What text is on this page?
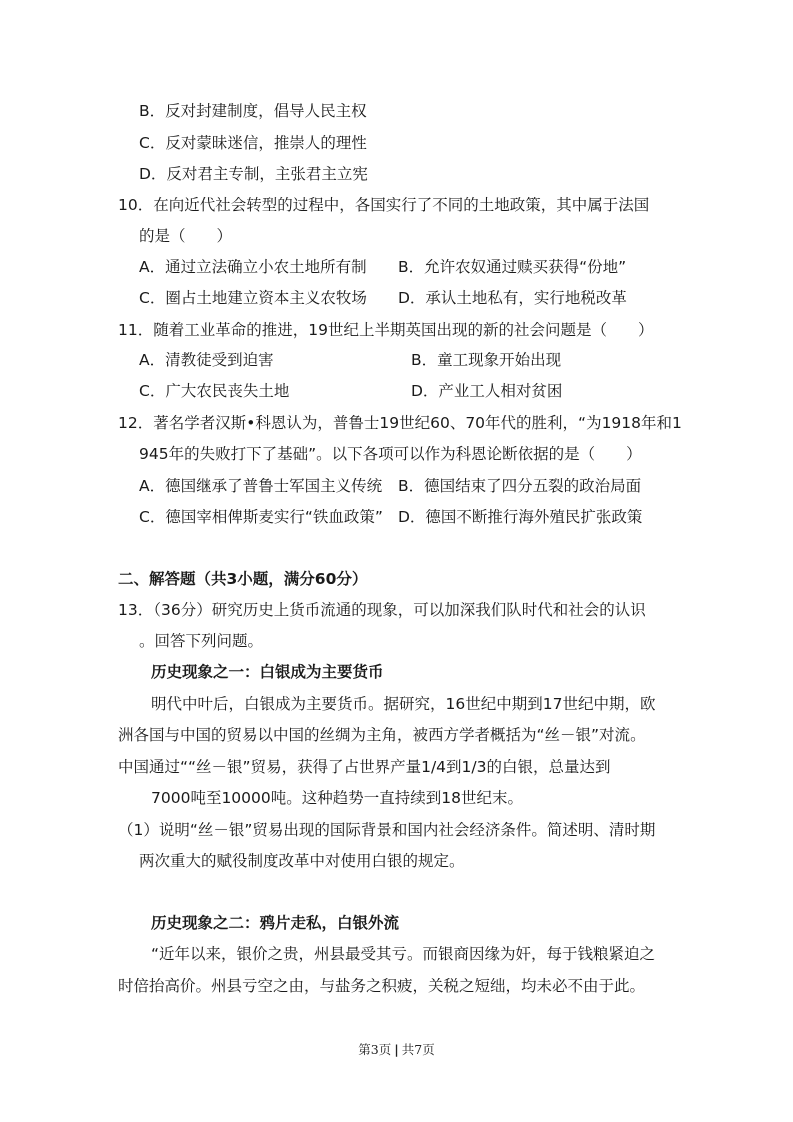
B．反对封建制度，倡导人民主权
C．反对蒙昧迷信，推崇人的理性
D．反对君主专制，主张君主立宪
10．在向近代社会转型的过程中，各国实行了不同的土地政策，其中属于法国
的是（　　）
A．通过立法确立小农土地所有制 B．允许农奴通过赎买获得“份地”
C．圈占土地建立资本主义农牧场 D．承认土地私有，实行地税改革
11．随着工业革命的推进，19世纪上半期英国出现的新的社会问题是（　　）
A．清教徒受到迫害	B．童工现象开始出现
C．广大农民丧失土地	D．产业工人相对贫困
12．著名学者汉斯•科恩认为，普鲁士19世纪60、70年代的胜利，“为1918年和1
945年的失败打下了基础”。以下各项可以作为科恩论断依据的是（　　）
A．德国继承了普鲁士军国主义传统 B．德国结束了四分五裂的政治局面
C．德国宰相俾斯麦实行“铁血政策” D．德国不断推行海外殖民扩张政策
二、解答题（共3小题，满分60分）
13．（36分）研究历史上货币流通的现象，可以加深我们队时代和社会的认识
。回答下列问题。
历史现象之一：白银成为主要货币
明代中叶后，白银成为主要货币。据研究，16世纪中期到17世纪中期，欧
洲各国与中国的贸易以中国的丝绸为主角，被西方学者概括为“丝－银”对流。
中国通过““丝－银”贸易，获得了占世界产量1/4到1/3的白银，总量达到
7000吨至10000吨。这种趋势一直持续到18世纪末。
（1）说明“丝－银”贸易出现的国际背景和国内社会经济条件。简述明、清时期
两次重大的赋役制度改革中对使用白银的规定。
历史现象之二：鸦片走私，白银外流
“近年以来，银价之贵，州县最受其亏。而银商因缘为奸，每于钱粮紧迫之
时倍抬高价。州县亏空之由，与盐务之积疲，关税之短绌，均未必不由于此。
第3页 | 共7页
